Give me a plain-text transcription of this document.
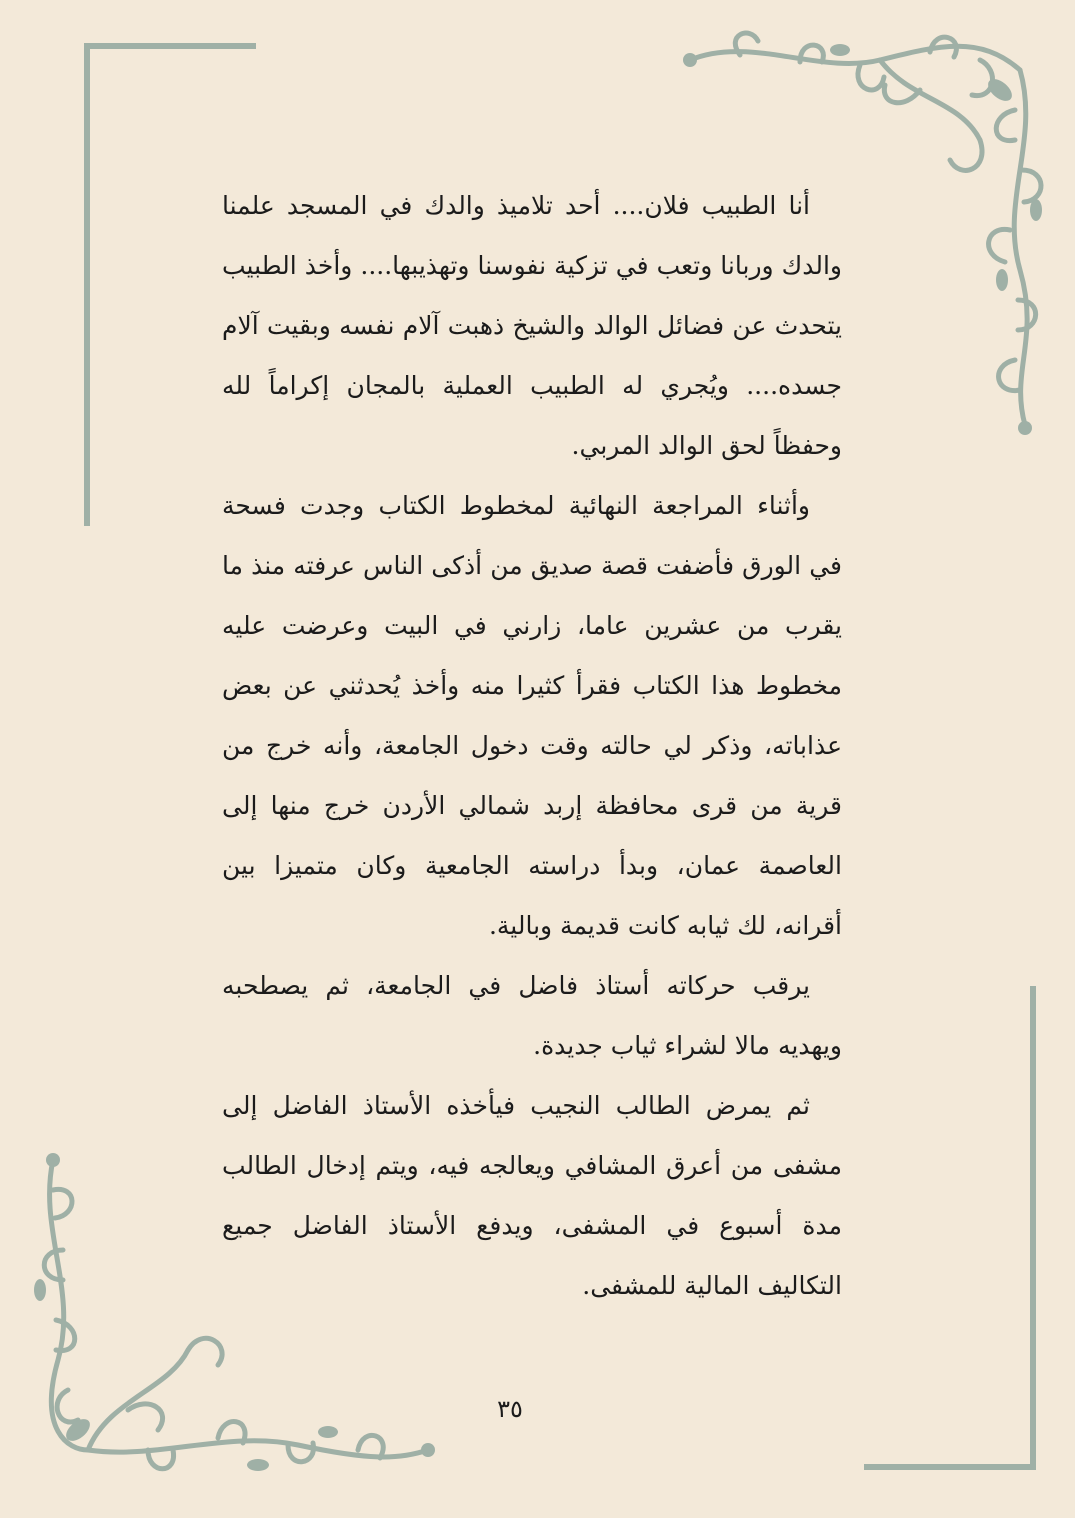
أنا الطبيب فلان.... أحد تلاميذ والدك في المسجد علمنا والدك وربانا وتعب في تزكية نفوسنا وتهذيبها.... وأخذ الطبيب يتحدث عن فضائل الوالد والشيخ ذهبت آلام نفسه وبقيت آلام جسده.... ويُجري له الطبيب العملية بالمجان إكراماً لله وحفظاً لحق الوالد المربي.

وأثناء المراجعة النهائية لمخطوط الكتاب وجدت فسحة في الورق فأضفت قصة صديق من أذكى الناس عرفته منذ ما يقرب من عشرين عاما، زارني في البيت وعرضت عليه مخطوط هذا الكتاب فقرأ كثيرا منه وأخذ يُحدثني عن بعض عذاباته، وذكر لي حالته وقت دخول الجامعة، وأنه خرج من قرية من قرى محافظة إربد شمالي الأردن خرج منها إلى العاصمة عمان، وبدأ دراسته الجامعية وكان متميزا بين أقرانه، لك ثيابه كانت قديمة وبالية.

يرقب حركاته أستاذ فاضل في الجامعة، ثم يصطحبه ويهديه مالا لشراء ثياب جديدة.

ثم يمرض الطالب النجيب فيأخذه الأستاذ الفاضل إلى مشفى من أعرق المشافي ويعالجه فيه، ويتم إدخال الطالب مدة أسبوع في المشفى، ويدفع الأستاذ الفاضل جميع التكاليف المالية للمشفى.

٣٥
